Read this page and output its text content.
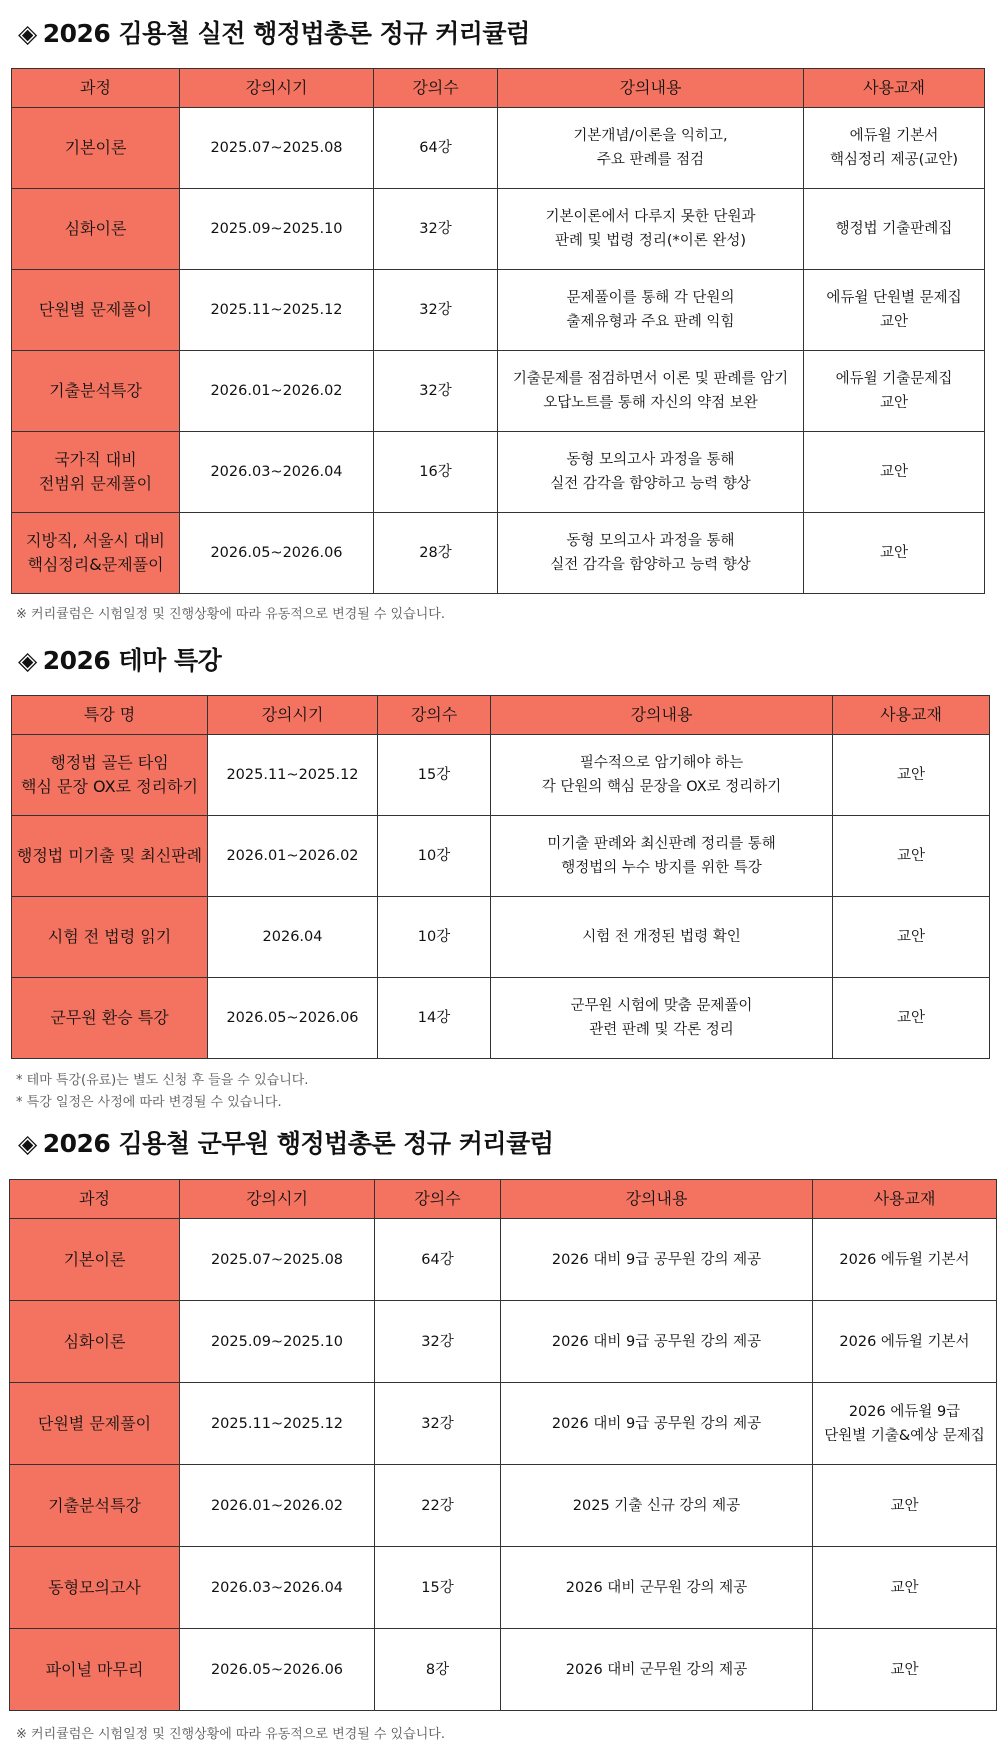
◈ 2026 김용철 실전 행정법총론 정규 커리큘럼
과정	강의시기	강의수	강의내용	사용교재
기본이론	2025.07~2025.08	64강	기본개념/이론을 익히고,
주요 판례를 점검	에듀윌 기본서
핵심정리 제공(교안)
심화이론	2025.09~2025.10	32강	기본이론에서 다루지 못한 단원과
판례 및 법령 정리(*이론 완성)	행정법 기출판례집
단원별 문제풀이	2025.11~2025.12	32강	문제풀이를 통해 각 단원의
출제유형과 주요 판례 익힘	에듀윌 단원별 문제집
교안
기출분석특강	2026.01~2026.02	32강	기출문제를 점검하면서 이론 및 판례를 암기
오답노트를 통해 자신의 약점 보완	에듀윌 기출문제집
교안
국가직 대비
전범위 문제풀이	2026.03~2026.04	16강	동형 모의고사 과정을 통해
실전 감각을 함양하고 능력 향상	교안
지방직, 서울시 대비
핵심정리&문제풀이	2026.05~2026.06	28강	동형 모의고사 과정을 통해
실전 감각을 함양하고 능력 향상	교안
※ 커리큘럼은 시험일정 및 진행상황에 따라 유동적으로 변경될 수 있습니다.
◈ 2026 테마 특강
특강 명	강의시기	강의수	강의내용	사용교재
행정법 골든 타임
핵심 문장 OX로 정리하기	2025.11~2025.12	15강	필수적으로 암기해야 하는
각 단원의 핵심 문장을 OX로 정리하기	교안
행정법 미기출 및 최신판례	2026.01~2026.02	10강	미기출 판례와 최신판례 정리를 통해
행정법의 누수 방지를 위한 특강	교안
시험 전 법령 읽기	2026.04	10강	시험 전 개정된 법령 확인	교안
군무원 환승 특강	2026.05~2026.06	14강	군무원 시험에 맞춤 문제풀이
관련 판례 및 각론 정리	교안
* 테마 특강(유료)는 별도 신청 후 들을 수 있습니다.
* 특강 일정은 사정에 따라 변경될 수 있습니다.
◈ 2026 김용철 군무원 행정법총론 정규 커리큘럼
과정	강의시기	강의수	강의내용	사용교재
기본이론	2025.07~2025.08	64강	2026 대비 9급 공무원 강의 제공	2026 에듀윌 기본서
심화이론	2025.09~2025.10	32강	2026 대비 9급 공무원 강의 제공	2026 에듀윌 기본서
단원별 문제풀이	2025.11~2025.12	32강	2026 대비 9급 공무원 강의 제공	2026 에듀윌 9급
단원별 기출&예상 문제집
기출분석특강	2026.01~2026.02	22강	2025 기출 신규 강의 제공	교안
동형모의고사	2026.03~2026.04	15강	2026 대비 군무원 강의 제공	교안
파이널 마무리	2026.05~2026.06	8강	2026 대비 군무원 강의 제공	교안
※ 커리큘럼은 시험일정 및 진행상황에 따라 유동적으로 변경될 수 있습니다.
